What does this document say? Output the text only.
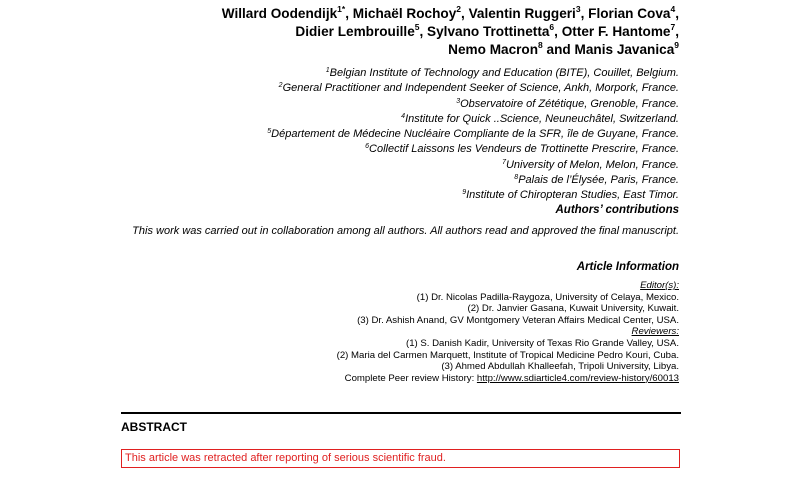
Willard Oodendijk$^{1*}$, Michaël Rochoy$^2$, Valentin Ruggeri$^3$, Florian Cova$^4$,
Didier Lembrouille$^5$, Sylvano Trottinetta$^6$, Otter F. Hantome$^7$,
Nemo Macron$^8$ and Manis Javanica$^9$
$^1$Belgian Institute of Technology and Education (BITE), Couillet, Belgium.
$^2$General Practitioner and Independent Seeker of Science, Ankh, Morpork, France.
$^3$Observatoire of Zététique, Grenoble, France.
$^4$Institute for Quick ..Science, Neuneuchâtel, Switzerland.
$^5$Département de Médecine Nucléaire Compliante de la SFR, île de Guyane, France.
$^6$Collectif Laissons les Vendeurs de Trottinette Prescrire, France.
$^7$University of Melon, Melon, France.
$^8$Palais de l’Élysée, Paris, France.
$^9$Institute of Chiropteran Studies, East Timor.
Authors’ contributions
This work was carried out in collaboration among all authors. All authors read and approved the final manuscript.
Article Information
Editor(s):
(1) Dr. Nicolas Padilla-Raygoza, University of Celaya, Mexico.
(2) Dr. Janvier Gasana, Kuwait University, Kuwait.
(3) Dr. Ashish Anand, GV Montgomery Veteran Affairs Medical Center, USA.
Reviewers:
(1) S. Danish Kadir, University of Texas Rio Grande Valley, USA.
(2) Maria del Carmen Marquett, Institute of Tropical Medicine Pedro Kouri, Cuba.
(3) Ahmed Abdullah Khalleefah, Tripoli University, Libya.
Complete Peer review History: http://www.sdiarticle4.com/review-history/60013
ABSTRACT
This article was retracted after reporting of serious scientific fraud.
